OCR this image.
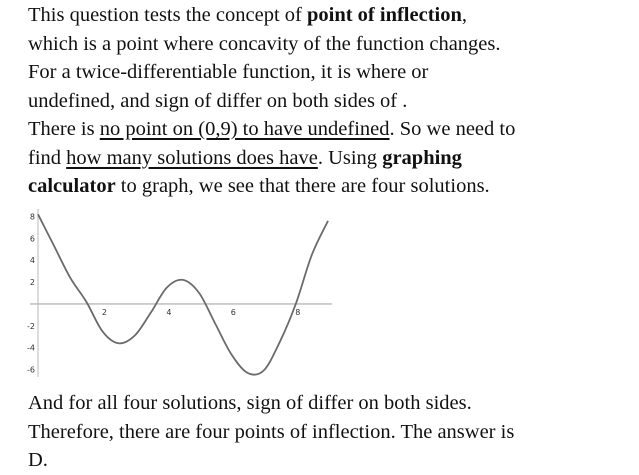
This question tests the concept of point of inflection,
which is a point where concavity of the function changes.
For a twice-differentiable function, it is where or
undefined, and sign of differ on both sides of .
There is no point on (0,9) to have undefined. So we need to
find how many solutions does have. Using graphing
calculator to graph, we see that there are four solutions.
2	4	6	8
8
6
4
2
-2
-4
-6
And for all four solutions, sign of differ on both sides.
Therefore, there are four points of inflection. The answer is
D.
